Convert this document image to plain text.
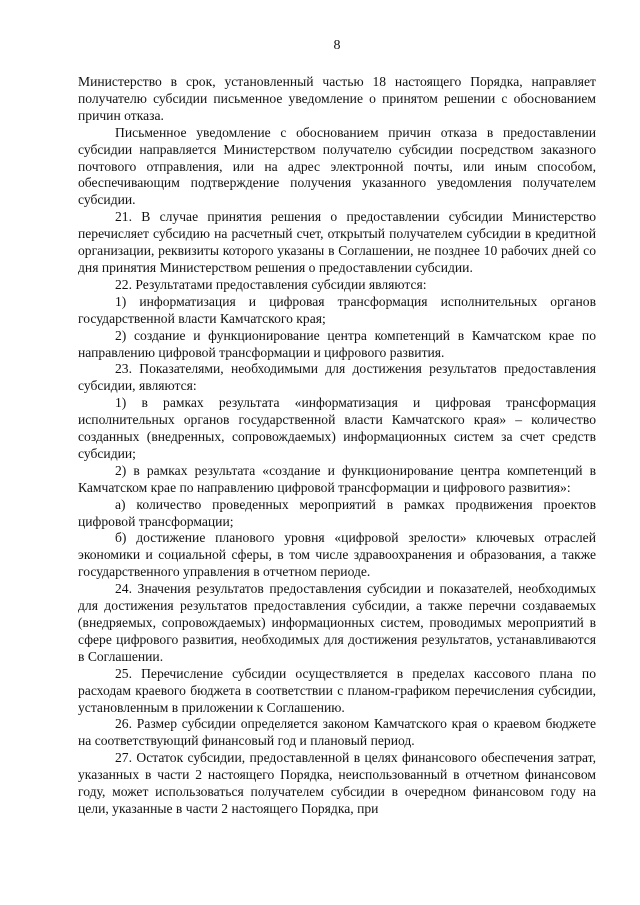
8

Министерство в срок, установленный частью 18 настоящего Порядка, направляет получателю субсидии письменное уведомление о принятом решении с обоснованием причин отказа.

Письменное уведомление с обоснованием причин отказа в предоставлении субсидии направляется Министерством получателю субсидии посредством заказного почтового отправления, или на адрес электронной почты, или иным способом, обеспечивающим подтверждение получения указанного уведомления получателем субсидии.

21. В случае принятия решения о предоставлении субсидии Министерство перечисляет субсидию на расчетный счет, открытый получателем субсидии в кредитной организации, реквизиты которого указаны в Соглашении, не позднее 10 рабочих дней со дня принятия Министерством решения о предоставлении субсидии.

22. Результатами предоставления субсидии являются:

1) информатизация и цифровая трансформация исполнительных органов государственной власти Камчатского края;

2) создание и функционирование центра компетенций в Камчатском крае по направлению цифровой трансформации и цифрового развития.

23. Показателями, необходимыми для достижения результатов предоставления субсидии, являются:

1) в рамках результата «информатизация и цифровая трансформация исполнительных органов государственной власти Камчатского края» – количество созданных (внедренных, сопровождаемых) информационных систем за счет средств субсидии;

2) в рамках результата «создание и функционирование центра компетенций в Камчатском крае по направлению цифровой трансформации и цифрового развития»:

а) количество проведенных мероприятий в рамках продвижения проектов цифровой трансформации;

б) достижение планового уровня «цифровой зрелости» ключевых отраслей экономики и социальной сферы, в том числе здравоохранения и образования, а также государственного управления в отчетном периоде.

24. Значения результатов предоставления субсидии и показателей, необходимых для достижения результатов предоставления субсидии, а также перечни создаваемых (внедряемых, сопровождаемых) информационных систем, проводимых мероприятий в сфере цифрового развития, необходимых для достижения результатов, устанавливаются в Соглашении.

25. Перечисление субсидии осуществляется в пределах кассового плана по расходам краевого бюджета в соответствии с планом-графиком перечисления субсидии, установленным в приложении к Соглашению.

26. Размер субсидии определяется законом Камчатского края о краевом бюджете на соответствующий финансовый год и плановый период.

27. Остаток субсидии, предоставленной в целях финансового обеспечения затрат, указанных в части 2 настоящего Порядка, неиспользованный в отчетном финансовом году, может использоваться получателем субсидии в очередном финансовом году на цели, указанные в части 2 настоящего Порядка, при
